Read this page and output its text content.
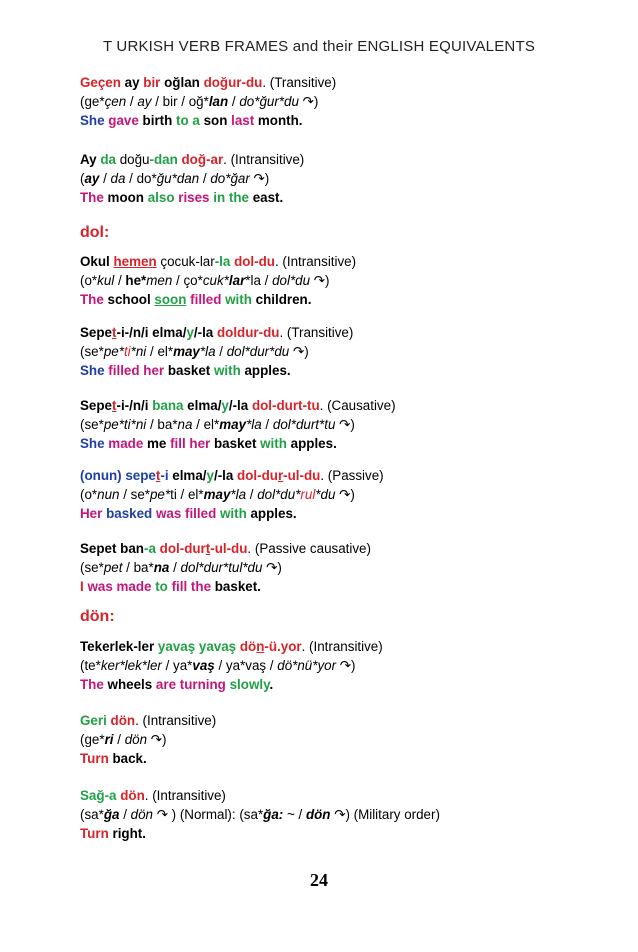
T URKISH VERB FRAMES and their ENGLISH EQUIVALENTS
Geçen ay bir oğlan doğur-du. (Transitive)
(ge*çen / ay / bir / oğ*lan / do*ğur*du ↷)
She gave birth to a son last month.
Ay da doğu-dan doğ-ar. (Intransitive)
(ay / da / do*ğu*dan / do*ğar ↷)
The moon also rises in the east.
dol:
Okul hemen çocuk-lar-la dol-du. (Intransitive)
(o*kul / he*men / ço*cuk*lar*la / dol*du ↷)
The school soon filled with children.
Sepet-i-/n/i elma/y/-la doldur-du. (Transitive)
(se*pe*ti*ni / el*may*la / dol*dur*du ↷)
She filled her basket with apples.
Sepet-i-/n/i bana elma/y/-la dol-durt-tu. (Causative)
(se*pe*ti*ni / ba*na / el*may*la / dol*durt*tu ↷)
She made me fill her basket with apples.
(onun) sepet-i elma/y/-la dol-dur-ul-du. (Passive)
(o*nun / se*pe*ti / el*may*la / dol*du*rul*du ↷)
Her basked was filled with apples.
Sepet ban-a dol-durt-ul-du. (Passive causative)
(se*pet / ba*na / dol*dur*tul*du ↷)
I was made to fill the basket.
dön:
Tekerlek-ler yavaş yavaş dön-ü.yor. (Intransitive)
(te*ker*lek*ler / ya*vaş / ya*vaş / dö*nü*yor ↷)
The wheels are turning slowly.
Geri dön. (Intransitive)
(ge*ri / dön ↷)
Turn back.
Sağ-a dön. (Intransitive)
(sa*ğa / dön ↷ ) (Normal): (sa*ğa: ~ / dön ↷) (Military order)
Turn right.
24
